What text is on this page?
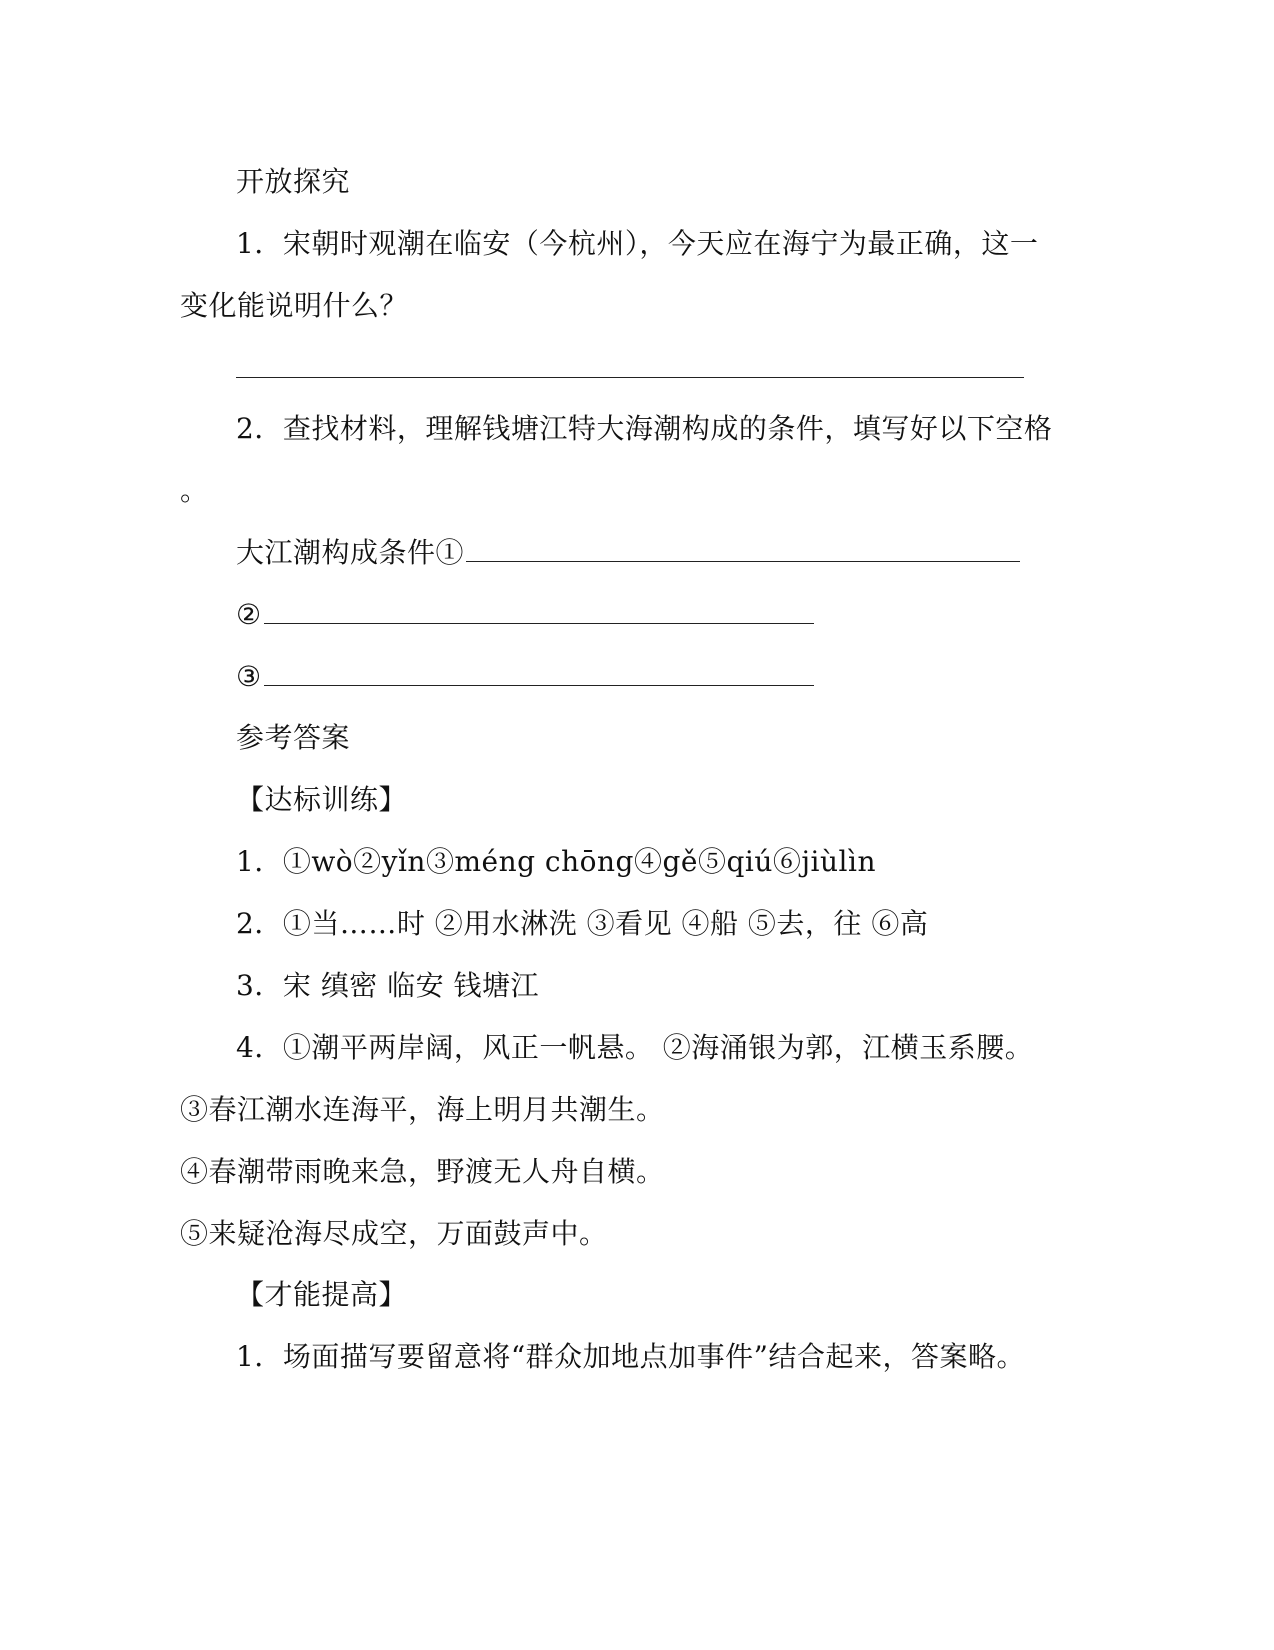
开放探究
1．宋朝时观潮在临安（今杭州），今天应在海宁为最正确，这一
变化能说明什么？
2．查找材料，理解钱塘江特大海潮构成的条件，填写好以下空格
。
大江潮构成条件①
②
③
参考答案
【达标训练】
1．①wò②yǐn③méng chōng④gě⑤qiú⑥jiùlìn
2．①当……时 ②用水淋洗 ③看见 ④船 ⑤去，往 ⑥高
3．宋 缜密 临安 钱塘江
4．①潮平两岸阔，风正一帆悬。 ②海涌银为郭，江横玉系腰。
③春江潮水连海平，海上明月共潮生。
④春潮带雨晚来急，野渡无人舟自横。
⑤来疑沧海尽成空，万面鼓声中。
【才能提高】
1．场面描写要留意将“群众加地点加事件”结合起来，答案略。
